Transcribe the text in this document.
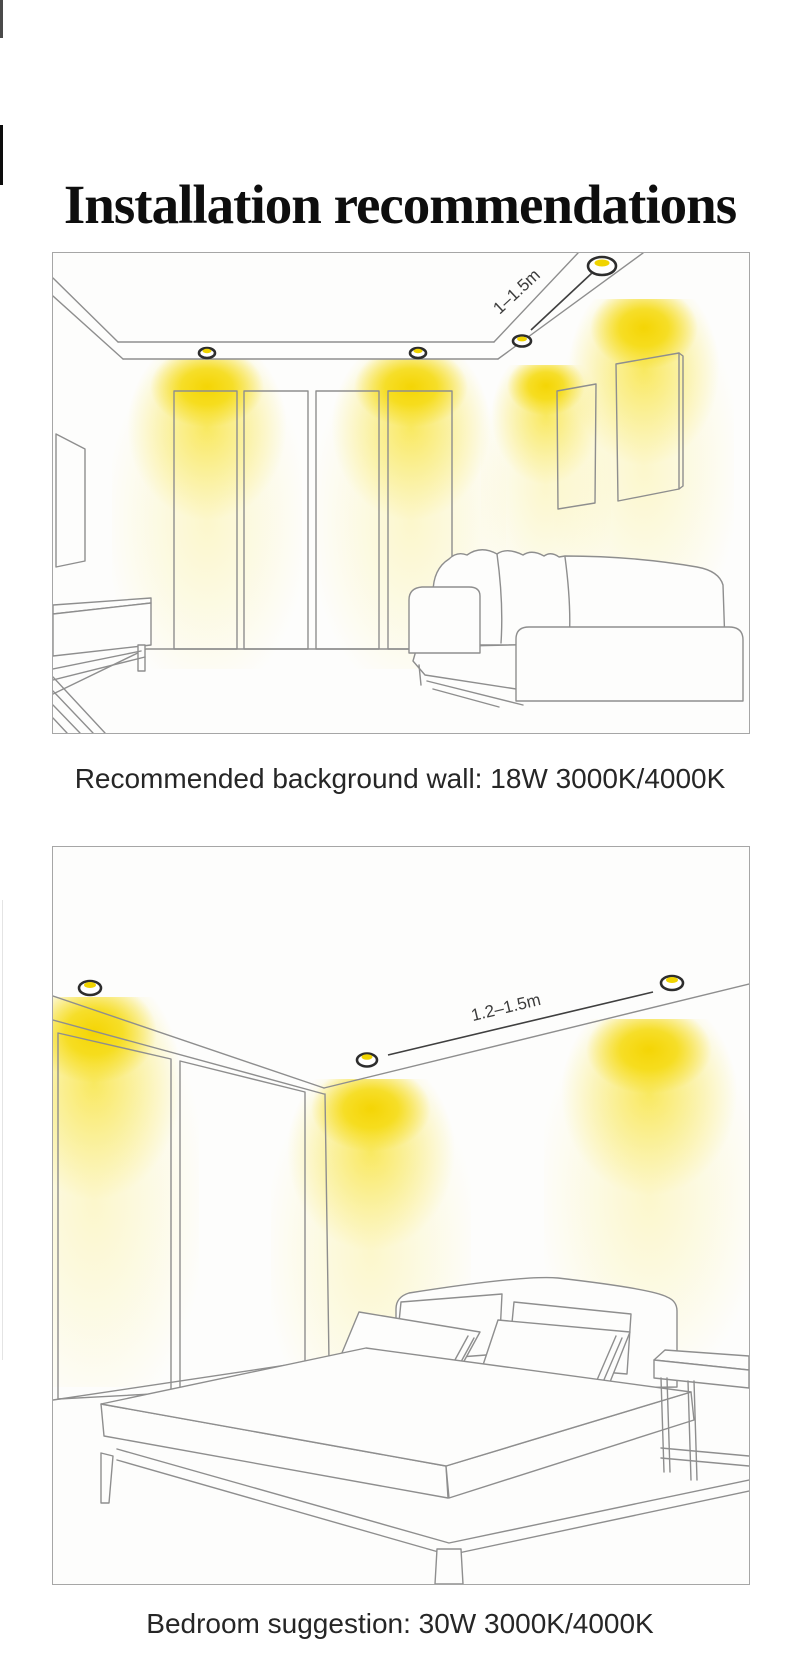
Installation recommendations
1–1.5m
Recommended background wall: 18W 3000K/4000K
1.2–1.5m
Bedroom suggestion: 30W 3000K/4000K
